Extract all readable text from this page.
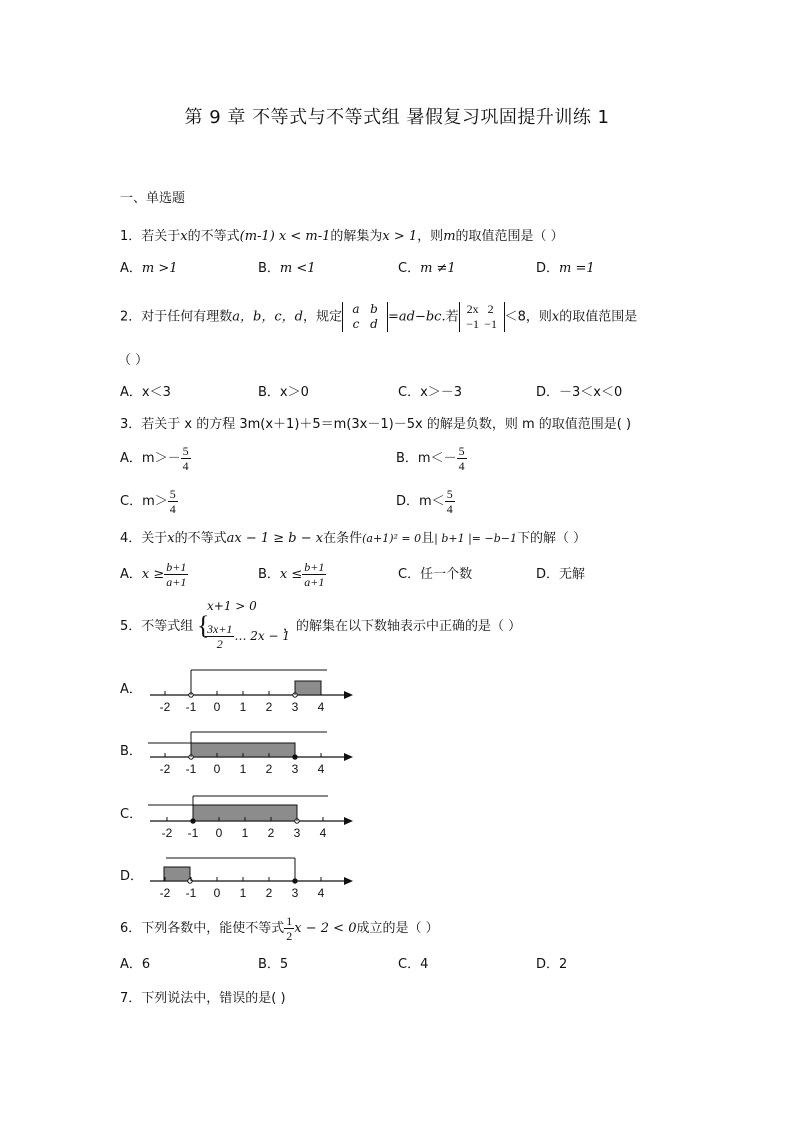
第 9 章 不等式与不等式组 暑假复习巩固提升训练 1
一、单选题
1．若关于x的不等式(m-1) x < m-1的解集为x > 1，则m的取值范围是（ ）
A．m >1	B．m <1	C．m ≠1	D．m =1
2．对于任何有理数a，b，c，d，规定a b
c d =ad−bc.若2x 2
−1 −1 ＜8，则x的取值范围是
（ ）
A．x＜3	B．x＞0	C．x＞－3	D．－3＜x＜0
3．若关于 x 的方程 3m(x＋1)＋5＝m(3x－1)－5x 的解是负数，则 m 的取值范围是( )
A．$m>- \frac{5}{4}$	B．$m<- \frac{5}{4}$
C．$m> \frac{5}{4}$	D．$m< \frac{5}{4}$
4．关于x的不等式ax − 1 ≥ b − x在条件(a+1)² = 0且| b+1 |= −b−1下的解（ ）
A．$x \ge \frac{b+1}{a+1}$	B．$x \le \frac{b+1}{a+1}$	C．任一个数	D．无解
5．不等式组 {
x+1 > 0
$\frac{3x+1}{2}$ … 2x − 1
，的解集在以下数轴表示中正确的是（ ）
A．
-2 -1 0 1 2 3 4
B．
-2 -1 0 1 2 3 4
C．
-2 -1 0 1 2 3 4
D．
-2 -1 0 1 2 3 4
6．下列各数中，能使不等式 $\frac{1}{2}$ x − 2 < 0成立的是（ ）
A．6	B．5	C．4	D．2
7．下列说法中，错误的是( )
